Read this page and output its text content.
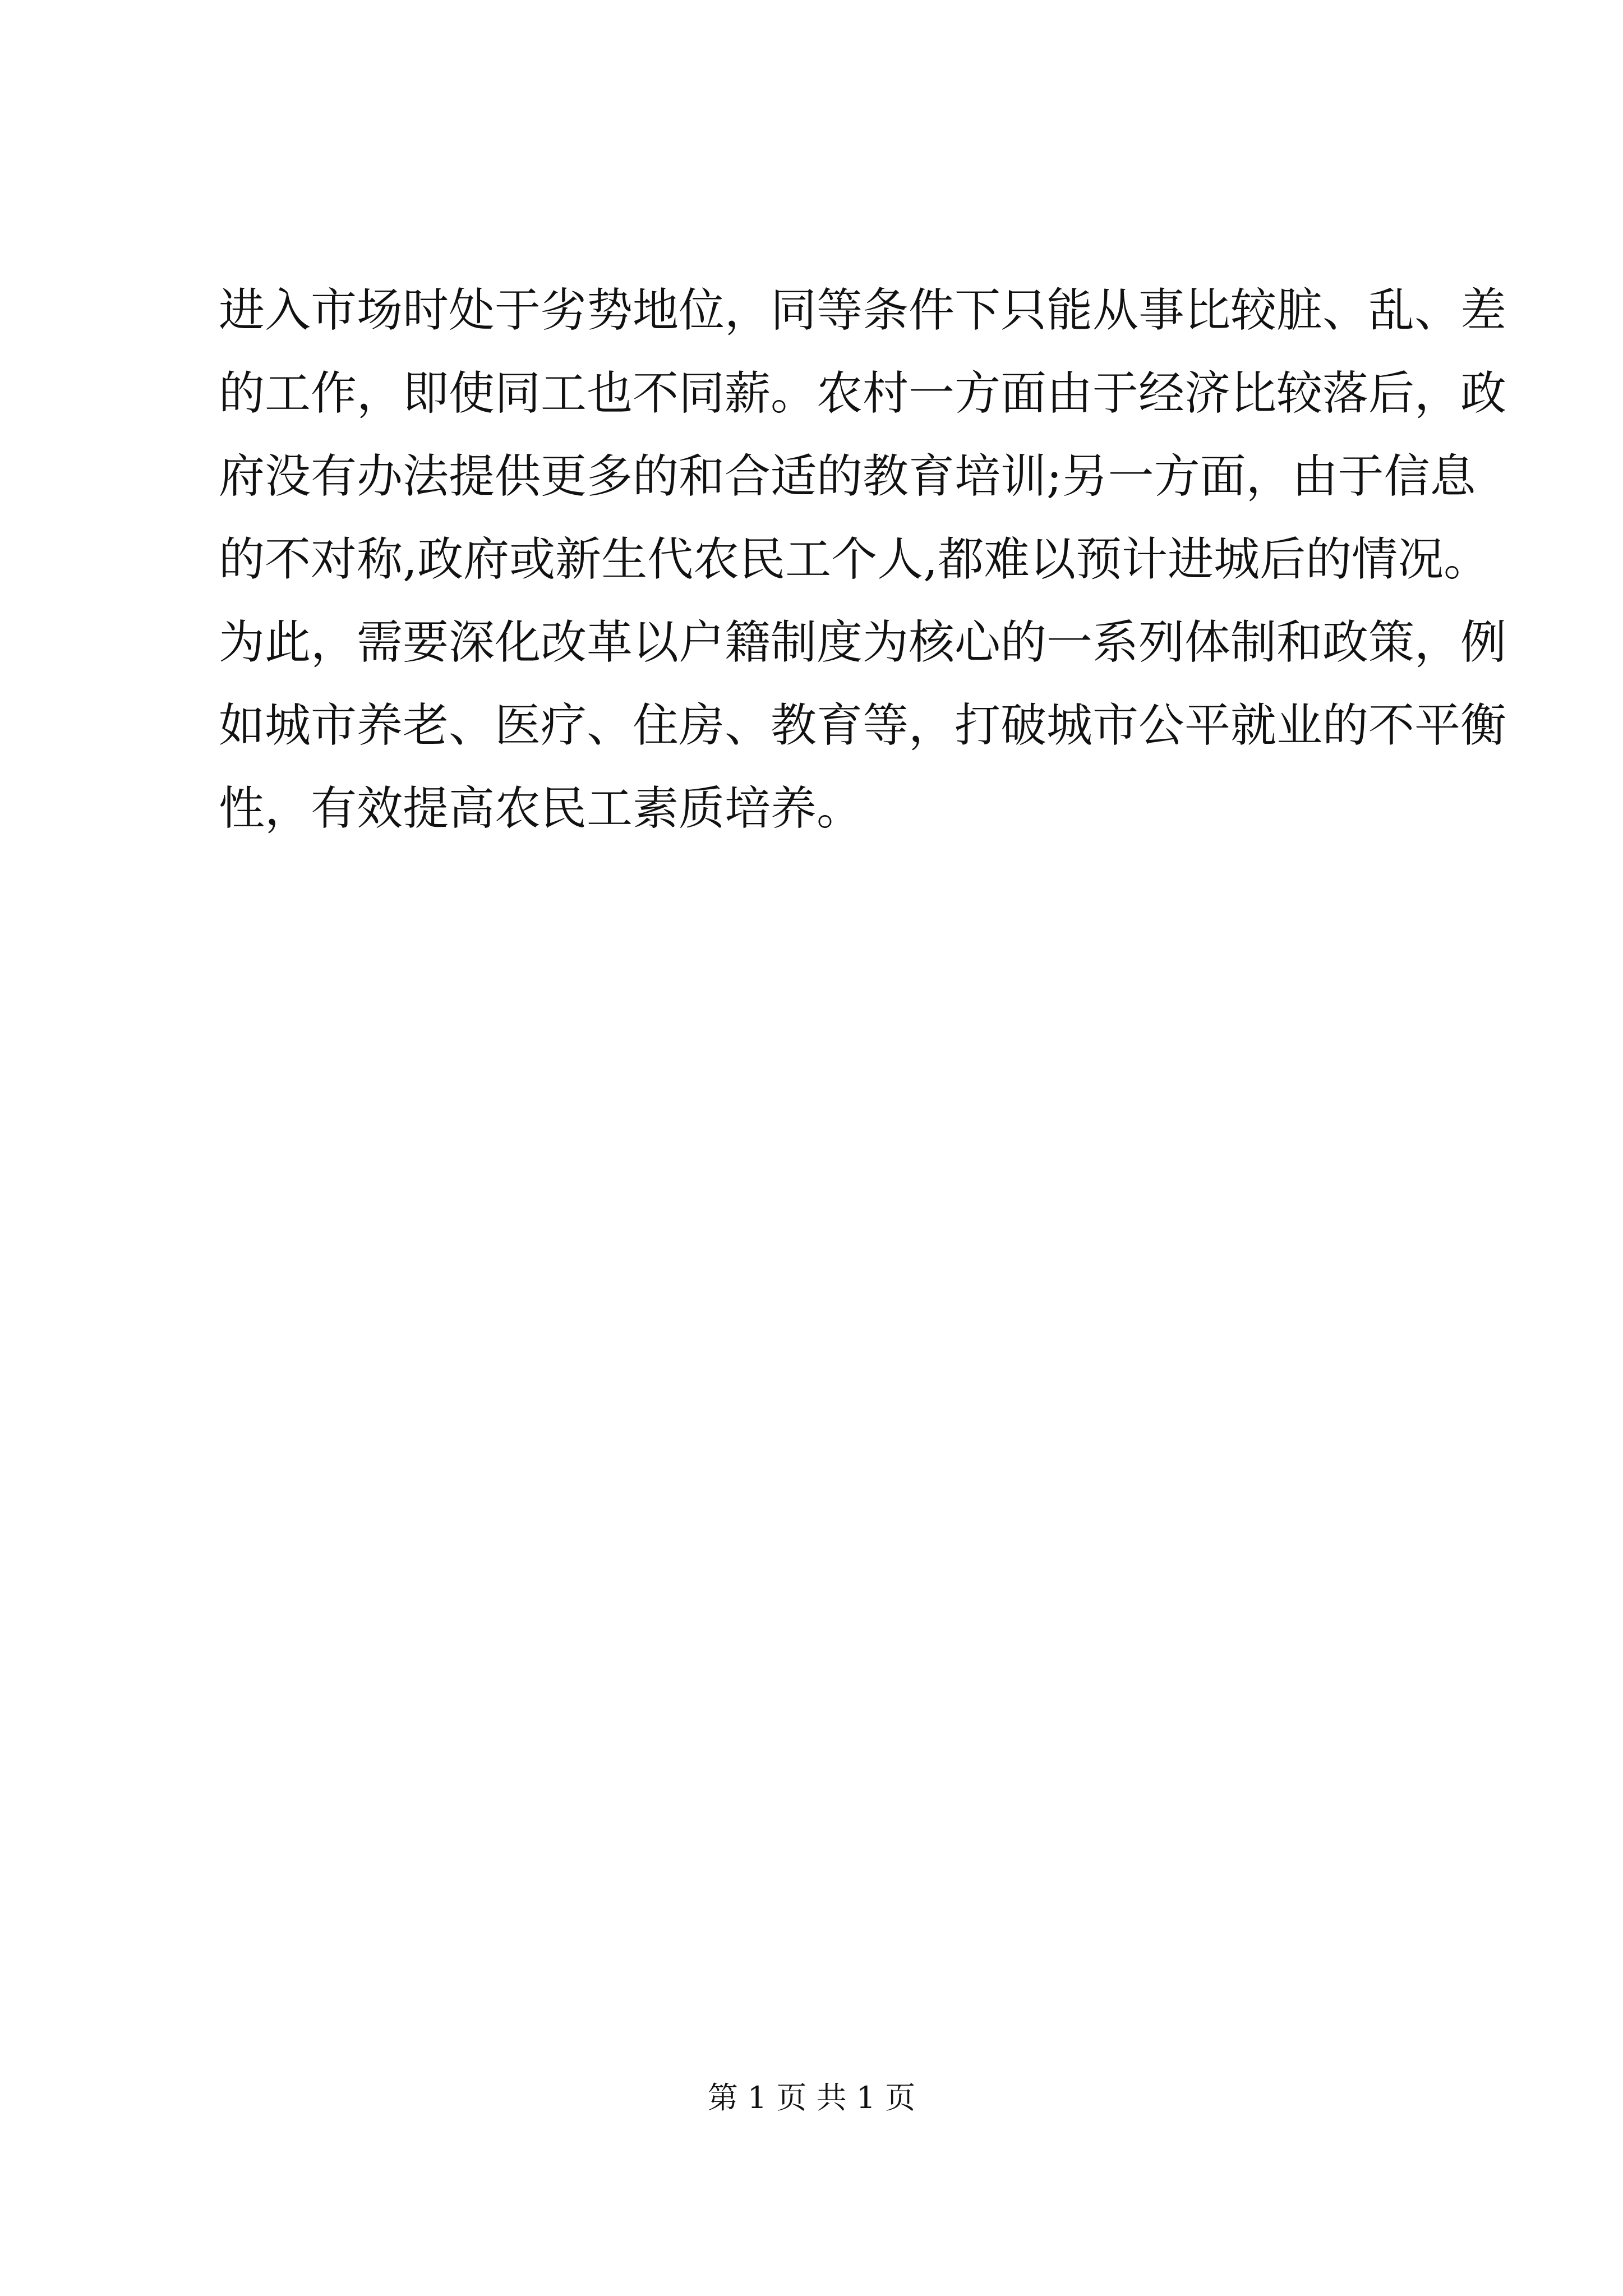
进入市场时处于劣势地位，同等条件下只能从事比较脏、乱、差
的工作，即使同工也不同薪。农村一方面由于经济比较落后，政
府没有办法提供更多的和合适的教育培训;另一方面，由于信息
的不对称,政府或新生代农民工个人,都难以预计进城后的情况。
为此，需要深化改革以户籍制度为核心的一系列体制和政策，例
如城市养老、医疗、住房、教育等，打破城市公平就业的不平衡
性，有效提高农民工素质培养。
第 1 页 共 1 页
